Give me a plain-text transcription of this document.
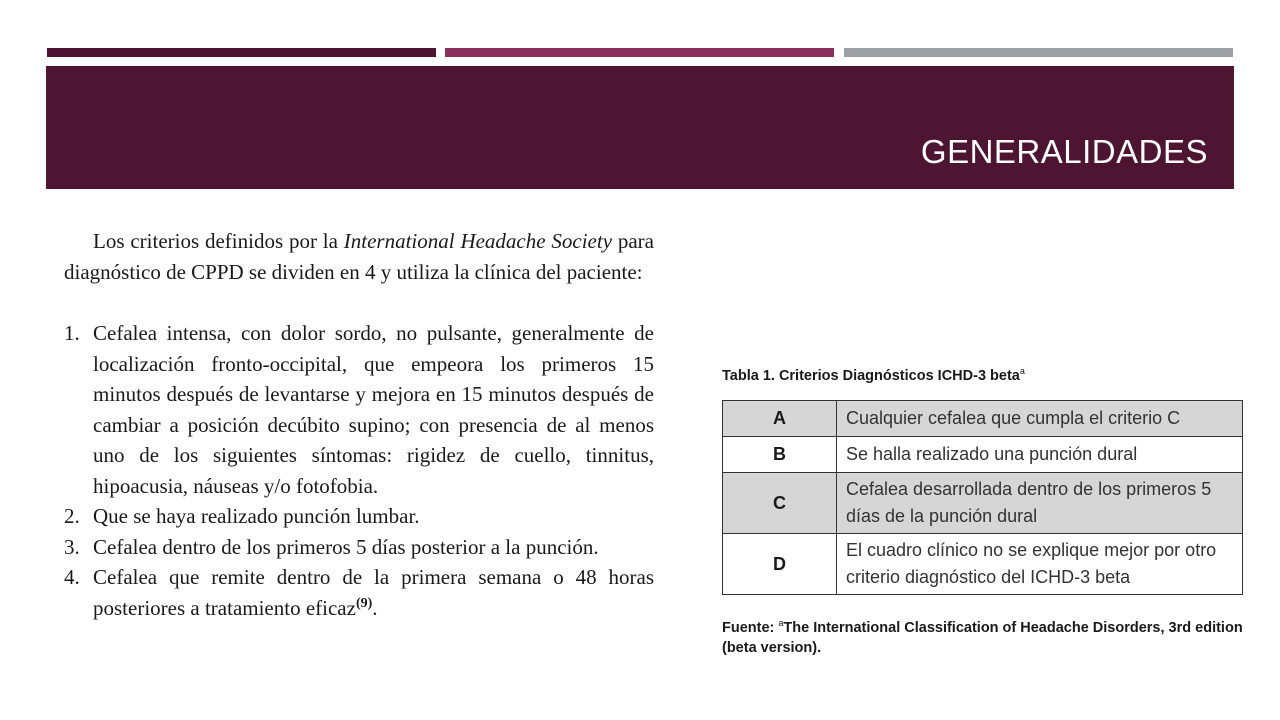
GENERALIDADES

Los criterios definidos por la International Headache Society para diagnóstico de CPPD se dividen en 4 y utiliza la clínica del paciente:

1. Cefalea intensa, con dolor sordo, no pulsante, generalmente de localización fronto-occipital, que empeora los primeros 15 minutos después de levantarse y mejora en 15 minutos después de cambiar a posición decúbito supino; con presencia de al menos uno de los siguientes síntomas: rigidez de cuello, tinnitus, hipoacusia, náuseas y/o fotofobia.
2. Que se haya realizado punción lumbar.
3. Cefalea dentro de los primeros 5 días posterior a la punción.
4. Cefalea que remite dentro de la primera semana o 48 horas posteriores a tratamiento eficaz$^{(9)}$.
Tabla 1. Criterios Diagnósticos ICHD-3 beta$^a$
A	Cualquier cefalea que cumpla el criterio C
B	Se halla realizado una punción dural
C	Cefalea desarrollada dentro de los primeros 5 días de la punción dural
D	El cuadro clínico no se explique mejor por otro criterio diagnóstico del ICHD-3 beta
Fuente: $^a$The International Classification of Headache Disorders, 3rd edition (beta version).
